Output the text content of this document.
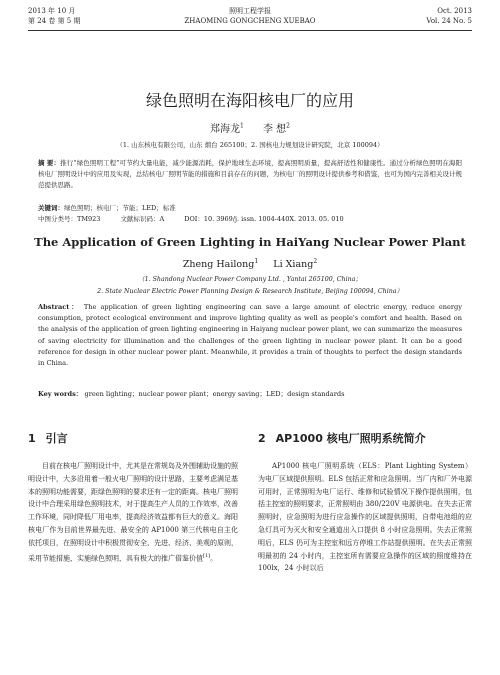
2013 年 10 月
第 24 卷 第 5 期
照明工程学报
ZHAOMING GONGCHENG XUEBAO
Oct. 2013
Vol. 24 No. 5
绿色照明在海阳核电厂的应用
郑海龙$^1$ 李 想$^2$
（1. 山东核电有限公司，山东 烟台 265100；2. 国核电力规划设计研究院，北京 100094）
摘 要：推行“绿色照明工程”可节约大量电能，减少能源消耗，保护地球生态环境，提高照明质量，提高舒适性和健康性。通过分析绿色照明在海阳核电厂照明设计中的应用及实现，总结核电厂照明节能的措施和目前存在的问题，为核电厂的照明设计提供参考和借鉴，也可为国内完善相关设计规范提供思路。
关键词：绿色照明；核电厂；节能；LED；标准
中图分类号：TM923	文献标识码：A	DOI：10. 3969/j. issn. 1004-440X. 2013. 05. 010
The Application of Green Lighting in HaiYang Nuclear Power Plant
Zheng Hailong$^1$ Li Xiang$^2$
（1. Shandong Nuclear Power Company Ltd. , Yantai 265100, China；
2. State Nuclear Electric Power Planning Design & Research Institute, Beijing 100094, China）
Abstract： The application of green lighting engineering can save a large amount of electric energy, reduce energy consumption, protect ecological environment and improve lighting quality as well as people's comfort and health. Based on the analysis of the application of green lighting engineering in Haiyang nuclear power plant, we can summarize the measures of saving electricity for illumination and the challenges of the green lighting in nuclear power plant. It can be a good reference for design in other nuclear power plant. Meanwhile, it provides a train of thoughts to perfect the design standards in China.
Key words： green lighting；nuclear power plant；energy saving；LED；design standards
1 引言	2 AP1000 核电厂照明系统简介

目前在核电厂照明设计中，尤其是在常规岛及外围辅助设施的照明设计中，大多沿用着一般火电厂照明的设计思路，主要考虑满足基本的照明功能需要，距绿色照明的要求还有一定的距离。核电厂照明设计中合理采用绿色照明技术，对于提高生产人员的工作效率，改善工作环境，同时降低厂用电率，提高经济效益都有巨大的意义。海阳核电厂作为目前世界最先进、最安全的 AP1000 第三代核电自主化依托项目，在照明设计中积极贯彻安全、先进、经济、美观的原则，采用节能措施，实施绿色照明，具有极大的推广借鉴价值[1]。

AP1000 核电厂照明系统（ELS：Plant Lighting System）为电厂区域提供照明。ELS 包括正常和应急照明。当厂内和厂外电源可用时，正常照明为电厂运行、维修和试验情况下操作提供照明，包括主控室的照明要求，正常照明由 380/220V 电源供电。在失去正常照明时，应急照明为进行应急操作的区域提供照明，自带电池组的应急灯具可为灭火和安全通道出入口提供 8 小时应急照明。失去正常照明后，ELS 仍可为主控室和远方停堆工作站提供照明。在失去正常照明最初的 24 小时内，主控室所有需要应急操作的区域的照度维持在 100lx，24 小时以后
